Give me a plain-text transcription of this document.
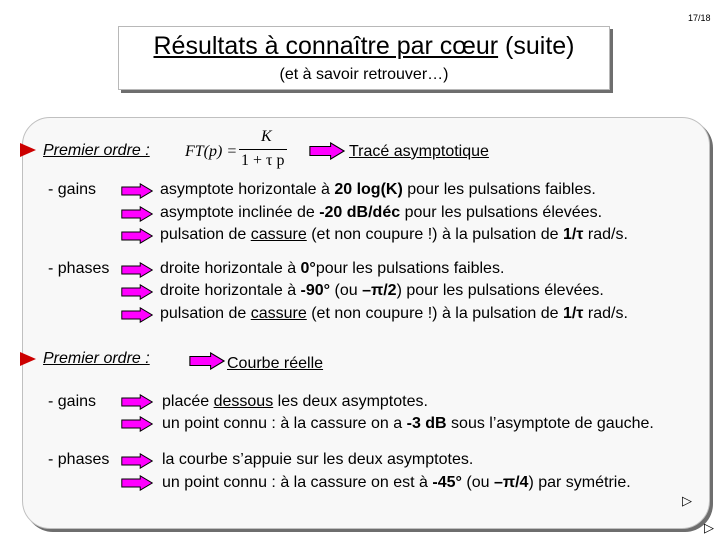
17/18
Résultats à connaître par cœur (suite)
(et à savoir retrouver…)
Premier ordre : FT(p) =
K
1 + τ p
Tracé asymptotique
- gains	asymptote horizontale à 20 log(K) pour les pulsations faibles.
asymptote inclinée de -20 dB/déc pour les pulsations élevées.
pulsation de cassure (et non coupure !) à la pulsation de 1/τ rad/s.
- phases	droite horizontale à 0°pour les pulsations faibles.
droite horizontale à -90° (ou –π/2) pour les pulsations élevées.
pulsation de cassure (et non coupure !) à la pulsation de 1/τ rad/s.
Premier ordre :	Courbe réelle
- gains	placée dessous les deux asymptotes.
un point connu : à la cassure on a -3 dB sous l’asymptote de gauche.
- phases	la courbe s’appuie sur les deux asymptotes.
un point connu : à la cassure on est à -45° (ou –π/4) par symétrie.
▷
▷
